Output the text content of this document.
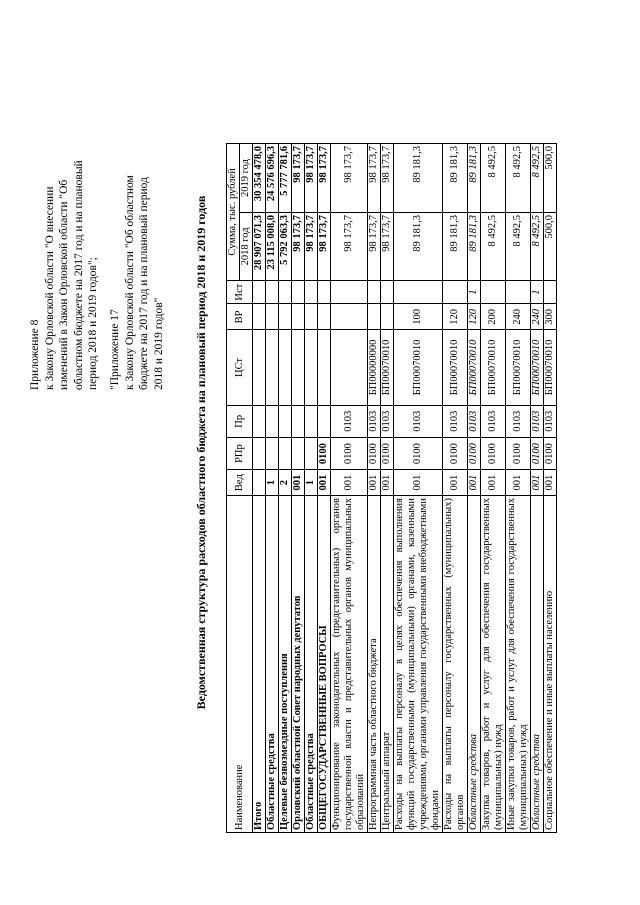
Приложение 8 к Закону Орловской области "О внесении изменений в Закон Орловской области "Об областном бюджете на 2017 год и на плановый период 2018 и 2019 годов"; "Приложение 17 к Закону Орловской области "Об областном бюджете на 2017 год и на плановый период 2018 и 2019 годов" Ведомственная структура расходов областного бюджета на плановый период 2018 и 2019 годов
Наименование	Вед	РПр	Пр	ЦСт	ВР	Ист	Сумма, тыс. рублей	
							2018 год	2019 год
Итого							28 907 071,3	30 354 478,0
Областные средства	1						23 115 008,0	24 576 696,3
Целевые безвозмездные поступления	2						5 792 063,3	5 777 781,6
Орловский областной Совет народных депутатов	001						98 173,7	98 173,7
Областные средства	1						98 173,7	98 173,7
ОБЩЕГОСУДАРСТВЕННЫЕ ВОПРОСЫ	001	0100					98 173,7	98 173,7
Функционирование законодательных (представительных) органов государственной власти и представительных органов муниципальных образований	001	0100	0103				98 173,7	98 173,7
Непрограммная часть областного бюджета	001	0100	0103	БП00000000			98 173,7	98 173,7
Центральный аппарат	001	0100	0103	БП00070010			98 173,7	98 173,7
Расходы на выплаты персоналу в целях обеспечения выполнения функций государственными (муниципальными) органами, казенными учреждениями, органами управления государственными внебюджетными фондами	001	0100	0103	БП00070010	100		89 181,3	89 181,3
Расходы на выплаты персоналу государственных (муниципальных) органов	001	0100	0103	БП00070010	120		89 181,3	89 181,3
Областные средства	001	0100	0103	БП00070010	120	1	89 181,3	89 181,3
Закупка товаров, работ и услуг для обеспечения государственных (муниципальных) нужд	001	0100	0103	БП00070010	200		8 492,5	8 492,5
Иные закупки товаров, работ и услуг для обеспечения государственных (муниципальных) нужд	001	0100	0103	БП00070010	240		8 492,5	8 492,5
Областные средства	001	0100	0103	БП00070010	240	1	8 492,5	8 492,5
Социальное обеспечение и иные выплаты населению	001	0100	0103	БП00070010	300		500,0	500,0
